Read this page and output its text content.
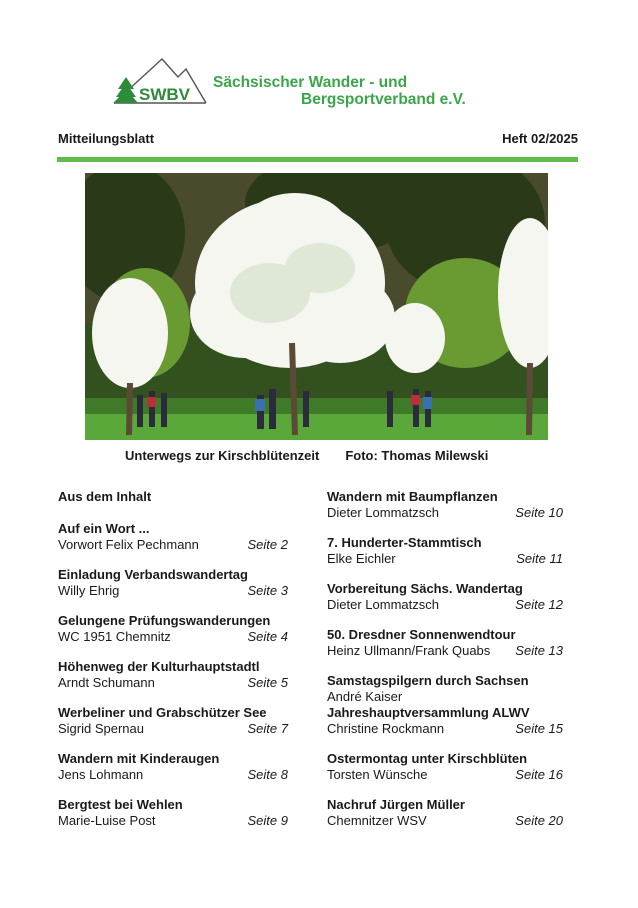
SWBV
Sächsischer Wander - und
Bergsportverband e.V.
Mitteilungsblatt	Heft 02/2025
Unterwegs zur Kirschblütenzeit Foto: Thomas Milewski
Aus dem Inhalt
Auf ein Wort ...
Vorwort Felix Pechmann	Seite 2
Einladung Verbandswandertag
Willy Ehrig	Seite 3
Gelungene Prüfungswanderungen
WC 1951 Chemnitz	Seite 4
Höhenweg der Kulturhauptstadtl
Arndt Schumann	Seite 5
Werbeliner und Grabschützer See
Sigrid Spernau	Seite 7
Wandern mit Kinderaugen
Jens Lohmann	Seite 8
Bergtest bei Wehlen
Marie-Luise Post	Seite 9
Wandern mit Baumpflanzen
Dieter Lommatzsch	Seite 10
7. Hunderter-Stammtisch
Elke Eichler	Seite 11
Vorbereitung Sächs. Wandertag
Dieter Lommatzsch	Seite 12
50. Dresdner Sonnenwendtour
Heinz Ullmann/Frank Quabs Seite 13
Samstagspilgern durch Sachsen
André Kaiser
Jahreshauptversammlung ALWV
Christine Rockmann	Seite 15
Ostermontag unter Kirschblüten
Torsten Wünsche	Seite 16
Nachruf Jürgen Müller
Chemnitzer WSV	Seite 20
